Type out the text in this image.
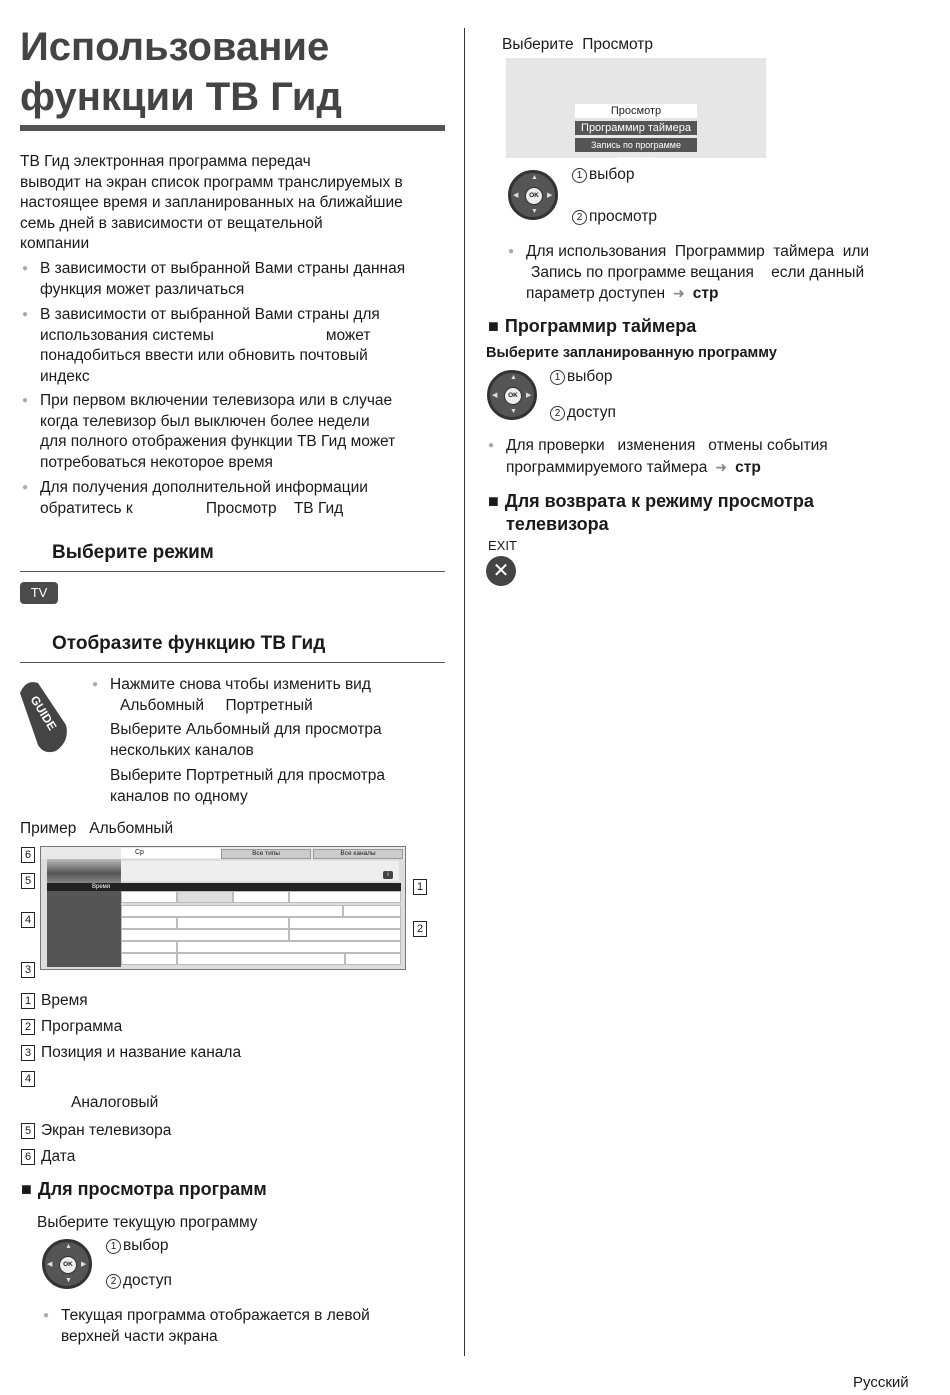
Использование
функции ТВ Гид
ТВ Гид электронная программа передач
выводит на экран список программ транслируемых в
настоящее время и запланированных на ближайшие
семь дней в зависимости от вещательной
компании
● В зависимости от выбранной Вами страны данная
функция может различаться
● В зависимости от выбранной Вами страны для
использования системы                          может
понадобиться ввести или обновить почтовый
индекс
● При первом включении телевизора или в случае
когда телевизор был выключен более недели
для полного отображения функции ТВ Гид может
потребоваться некоторое время
● Для получения дополнительной информации
обратитесь к                 Просмотр    ТВ Гид
Выберите режим
TV
Отобразите функцию ТВ Гид
GUIDE
● Нажмите снова чтобы изменить вид
Альбомный     Портретный
Выберите Альбомный для просмотра
нескольких каналов
Выберите Портретный для просмотра
каналов по одному
Пример   Альбомный
Ср	Все типы	Все каналы
i
Время
6
5
4
3
1
2
1 Время
2 Программа
3 Позиция и название канала
4
Аналоговый
5 Экран телевизора
6 Дата
■ Для просмотра программ
Выберите текущую программу
OK
▲
▼
◀	▶
1 выбор
2 доступ
● Текущая программа отображается в левой
верхней части экрана
Выберите  Просмотр
Просмотр
Программир таймера
Запись по программе вещания
OK
▲
▼
◀	▶
1 выбор
2 просмотр
● Для использования  Программир  таймера  или
Запись по программе вещания    если данный
параметр доступен ➜ стр
■ Программир таймера
Выберите запланированную программу
OK
▲
▼
◀	▶
1 выбор
2 доступ
● Для проверки   изменения   отмены события
программируемого таймера ➜ стр
■ Для возврата к режиму просмотра
телевизора
EXIT
✕
Русский
